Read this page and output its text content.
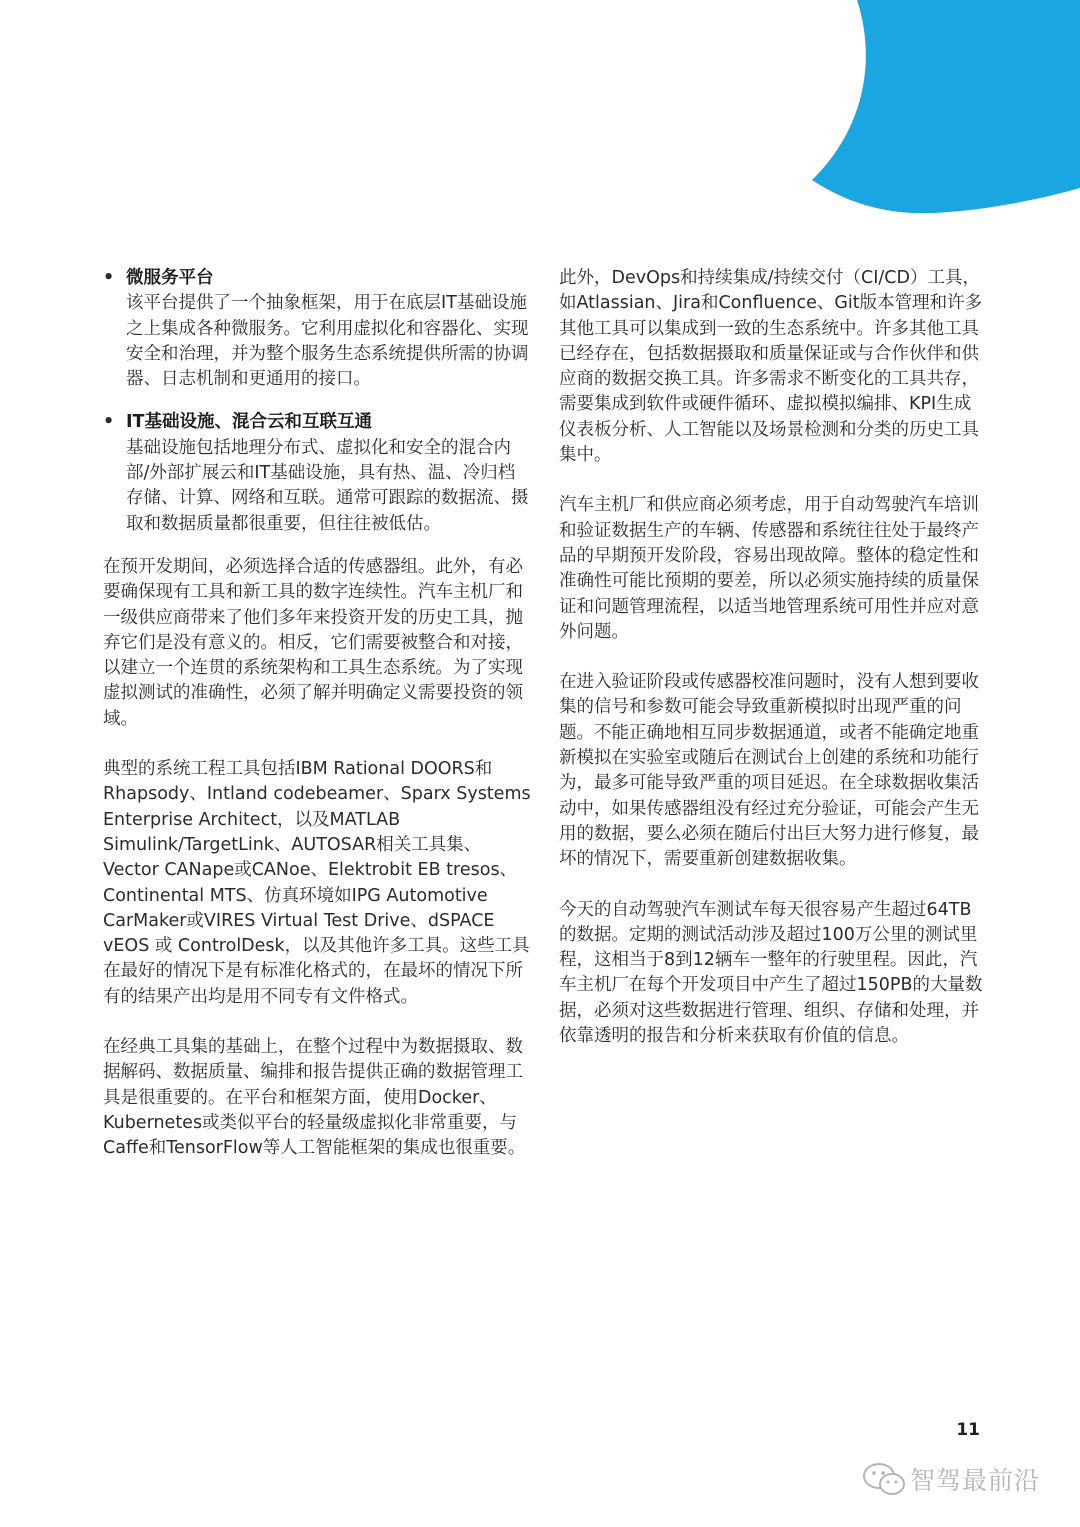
• 微服务平台
该平台提供了一个抽象框架，用于在底层IT基础设施之上集成各种微服务。它利用虚拟化和容器化、实现安全和治理，并为整个服务生态系统提供所需的协调器、日志机制和更通用的接口。
• IT基础设施、混合云和互联互通
基础设施包括地理分布式、虚拟化和安全的混合内部/外部扩展云和IT基础设施，具有热、温、冷归档存储、计算、网络和互联。通常可跟踪的数据流、摄取和数据质量都很重要，但往往被低估。

在预开发期间，必须选择合适的传感器组。此外，有必要确保现有工具和新工具的数字连续性。汽车主机厂和一级供应商带来了他们多年来投资开发的历史工具，抛弃它们是没有意义的。相反，它们需要被整合和对接，以建立一个连贯的系统架构和工具生态系统。为了实现虚拟测试的准确性，必须了解并明确定义需要投资的领域。

典型的系统工程工具包括IBM Rational DOORS和Rhapsody、Intland codebeamer、Sparx Systems Enterprise Architect，以及MATLAB Simulink/TargetLink、AUTOSAR相关工具集、Vector CANape或CANoe、Elektrobit EB tresos、Continental MTS、仿真环境如IPG Automotive CarMaker或VIRES Virtual Test Drive、dSPACE vEOS 或 ControlDesk，以及其他许多工具。这些工具在最好的情况下是有标准化格式的，在最坏的情况下所有的结果产出均是用不同专有文件格式。

在经典工具集的基础上，在整个过程中为数据摄取、数据解码、数据质量、编排和报告提供正确的数据管理工具是很重要的。在平台和框架方面，使用Docker、Kubernetes或类似平台的轻量级虚拟化非常重要，与Caffe和TensorFlow等人工智能框架的集成也很重要。

此外，DevOps和持续集成/持续交付（CI/CD）工具，如Atlassian、Jira和Confluence、Git版本管理和许多其他工具可以集成到一致的生态系统中。许多其他工具已经存在，包括数据摄取和质量保证或与合作伙伴和供应商的数据交换工具。许多需求不断变化的工具共存，需要集成到软件或硬件循环、虚拟模拟编排、KPI生成仪表板分析、人工智能以及场景检测和分类的历史工具集中。

汽车主机厂和供应商必须考虑，用于自动驾驶汽车培训和验证数据生产的车辆、传感器和系统往往处于最终产品的早期预开发阶段，容易出现故障。整体的稳定性和准确性可能比预期的要差，所以必须实施持续的质量保证和问题管理流程，以适当地管理系统可用性并应对意外问题。

在进入验证阶段或传感器校准问题时，没有人想到要收集的信号和参数可能会导致重新模拟时出现严重的问题。不能正确地相互同步数据通道，或者不能确定地重新模拟在实验室或随后在测试台上创建的系统和功能行为，最多可能导致严重的项目延迟。在全球数据收集活动中，如果传感器组没有经过充分验证，可能会产生无用的数据，要么必须在随后付出巨大努力进行修复，最坏的情况下，需要重新创建数据收集。

今天的自动驾驶汽车测试车每天很容易产生超过64TB的数据。定期的测试活动涉及超过100万公里的测试里程，这相当于8到12辆车一整年的行驶里程。因此，汽车主机厂在每个开发项目中产生了超过150PB的大量数据，必须对这些数据进行管理、组织、存储和处理，并依靠透明的报告和分析来获取有价值的信息。

11
智驾最前沿
